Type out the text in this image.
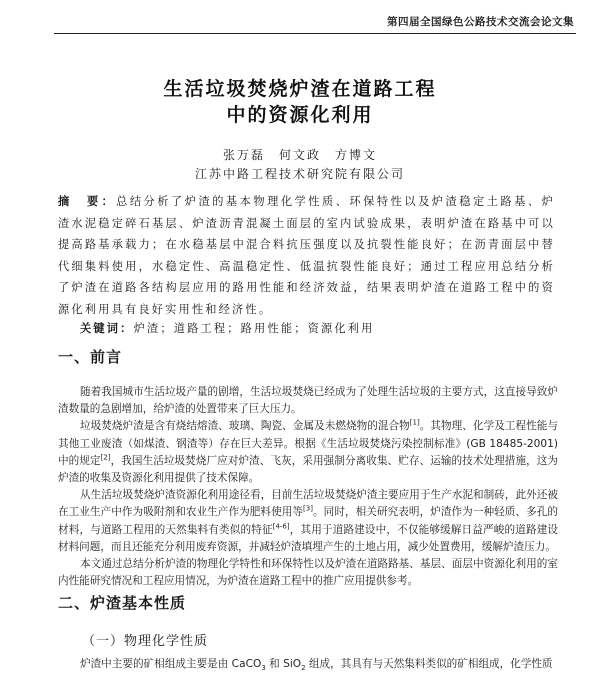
第四届全国绿色公路技术交流会论文集
生活垃圾焚烧炉渣在道路工程
中的资源化利用
张万磊　何文政　方博文
江苏中路工程技术研究院有限公司
摘　要：总结分析了炉渣的基本物理化学性质、环保特性以及炉渣稳定土路基、炉渣水泥稳定碎石基层、炉渣沥青混凝土面层的室内试验成果，表明炉渣在路基中可以提高路基承载力；在水稳基层中混合料抗压强度以及抗裂性能良好；在沥青面层中替代细集料使用，水稳定性、高温稳定性、低温抗裂性能良好；通过工程应用总结分析了炉渣在道路各结构层应用的路用性能和经济效益，结果表明炉渣在道路工程中的资源化利用具有良好实用性和经济性。
关键词：炉渣；道路工程；路用性能；资源化利用
一、前言

随着我国城市生活垃圾产量的剧增，生活垃圾焚烧已经成为了处理生活垃圾的主要方式，这直接导致炉渣数量的急剧增加，给炉渣的处置带来了巨大压力。

垃圾焚烧炉渣是含有烧结熔渣、玻璃、陶瓷、金属及未燃烧物的混合物[1]。其物理、化学及工程性能与其他工业废渣（如煤渣、钢渣等）存在巨大差异。根据《生活垃圾焚烧污染控制标准》(GB 18485-2001) 中的规定[2]，我国生活垃圾焚烧厂应对炉渣、飞灰，采用强制分离收集、贮存、运输的技术处理措施，这为炉渣的收集及资源化利用提供了技术保障。

从生活垃圾焚烧炉渣资源化利用途径看，目前生活垃圾焚烧炉渣主要应用于生产水泥和制砖，此外还被在工业生产中作为吸附剂和农业生产作为肥料使用等[3]。同时，相关研究表明，炉渣作为一种轻质、多孔的材料，与道路工程用的天然集料有类似的特征[4-6]，其用于道路建设中，不仅能够缓解日益严峻的道路建设材料问题，而且还能充分利用废弃资源，并减轻炉渣填埋产生的土地占用，减少处置费用，缓解炉渣压力。

本文通过总结分析炉渣的物理化学特性和环保特性以及炉渣在道路路基、基层、面层中资源化利用的室内性能研究情况和工程应用情况，为炉渣在道路工程中的推广应用提供参考。

二、炉渣基本性质
（一）物理化学性质

炉渣中主要的矿相组成主要是由 CaCO$_3$ 和 SiO$_2$ 组成，其具有与天然集料类似的矿相组成，化学性质
